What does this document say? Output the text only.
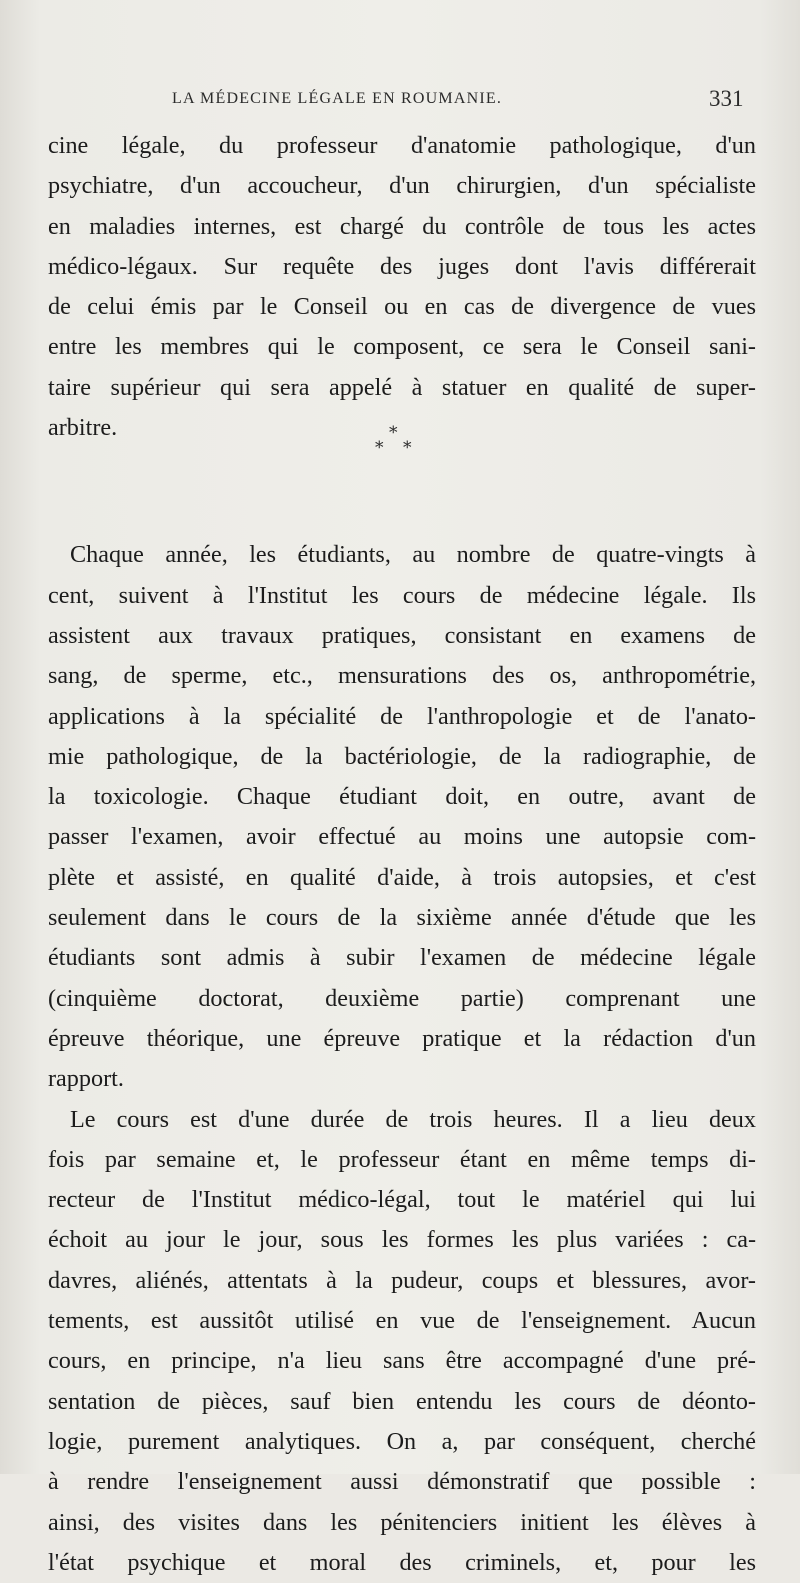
LA MÉDECINE LÉGALE EN ROUMANIE.	331
*
* *
cine légale, du professeur d'anatomie pathologique, d'un
psychiatre, d'un accoucheur, d'un chirurgien, d'un spécialiste
en maladies internes, est chargé du contrôle de tous les actes
médico-légaux. Sur requête des juges dont l'avis différerait
de celui émis par le Conseil ou en cas de divergence de vues
entre les membres qui le composent, ce sera le Conseil sani-
taire supérieur qui sera appelé à statuer en qualité de super-
arbitre.
Chaque année, les étudiants, au nombre de quatre-vingts à
cent, suivent à l'Institut les cours de médecine légale. Ils
assistent aux travaux pratiques, consistant en examens de
sang, de sperme, etc., mensurations des os, anthropométrie,
applications à la spécialité de l'anthropologie et de l'anato-
mie pathologique, de la bactériologie, de la radiographie, de
la toxicologie. Chaque étudiant doit, en outre, avant de
passer l'examen, avoir effectué au moins une autopsie com-
plète et assisté, en qualité d'aide, à trois autopsies, et c'est
seulement dans le cours de la sixième année d'étude que les
étudiants sont admis à subir l'examen de médecine légale
(cinquième doctorat, deuxième partie) comprenant une
épreuve théorique, une épreuve pratique et la rédaction d'un
rapport.
Le cours est d'une durée de trois heures. Il a lieu deux
fois par semaine et, le professeur étant en même temps di-
recteur de l'Institut médico-légal, tout le matériel qui lui
échoit au jour le jour, sous les formes les plus variées : ca-
davres, aliénés, attentats à la pudeur, coups et blessures, avor-
tements, est aussitôt utilisé en vue de l'enseignement. Aucun
cours, en principe, n'a lieu sans être accompagné d'une pré-
sentation de pièces, sauf bien entendu les cours de déonto-
logie, purement analytiques. On a, par conséquent, cherché
à rendre l'enseignement aussi démonstratif que possible :
ainsi, des visites dans les pénitenciers initient les élèves à
l'état psychique et moral des criminels, et, pour les
